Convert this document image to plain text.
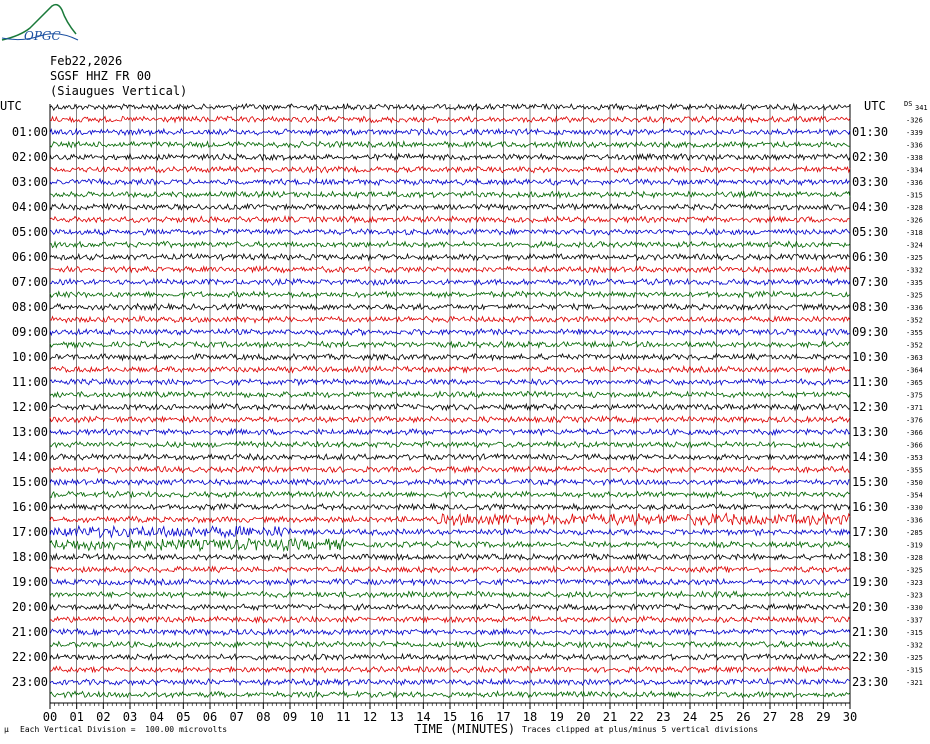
OPGC
Feb22,2026
SGSF HHZ FR 00
(Siaugues Vertical)
UTC	UTC	DS
01:00
02:00
03:00
04:00
05:00
06:00
07:00
08:00
09:00
10:00
11:00
12:00
13:00
14:00
15:00
16:00
17:00
18:00
19:00
20:00
21:00
22:00
23:00
01:30
02:30
03:30
04:30
05:30
06:30
07:30
08:30
09:30
10:30
11:30
12:30
13:30
14:30
15:30
16:30
17:30
18:30
19:30
20:30
21:30
22:30
23:30
341
-326
-339
-336
-338
-334
-336
-315
-328
-326
-318
-324
-325
-332
-335
-325
-336
-352
-355
-352
-363
-364
-365
-375
-371
-376
-366
-366
-353
-355
-350
-354
-330
-336
-285
-319
-328
-325
-323
-323
-330
-337
-315
-332
-325
-315
-321
00 01 02 03 04 05 06 07 08 09 10 11 12 13 14 15 16 17 18 19 20 21 22 23 24 25 26 27 28 29 30
TIME (MINUTES)
µ Each Vertical Division =  100.00 microvolts	Traces clipped at plus/minus 5 vertical divisions
